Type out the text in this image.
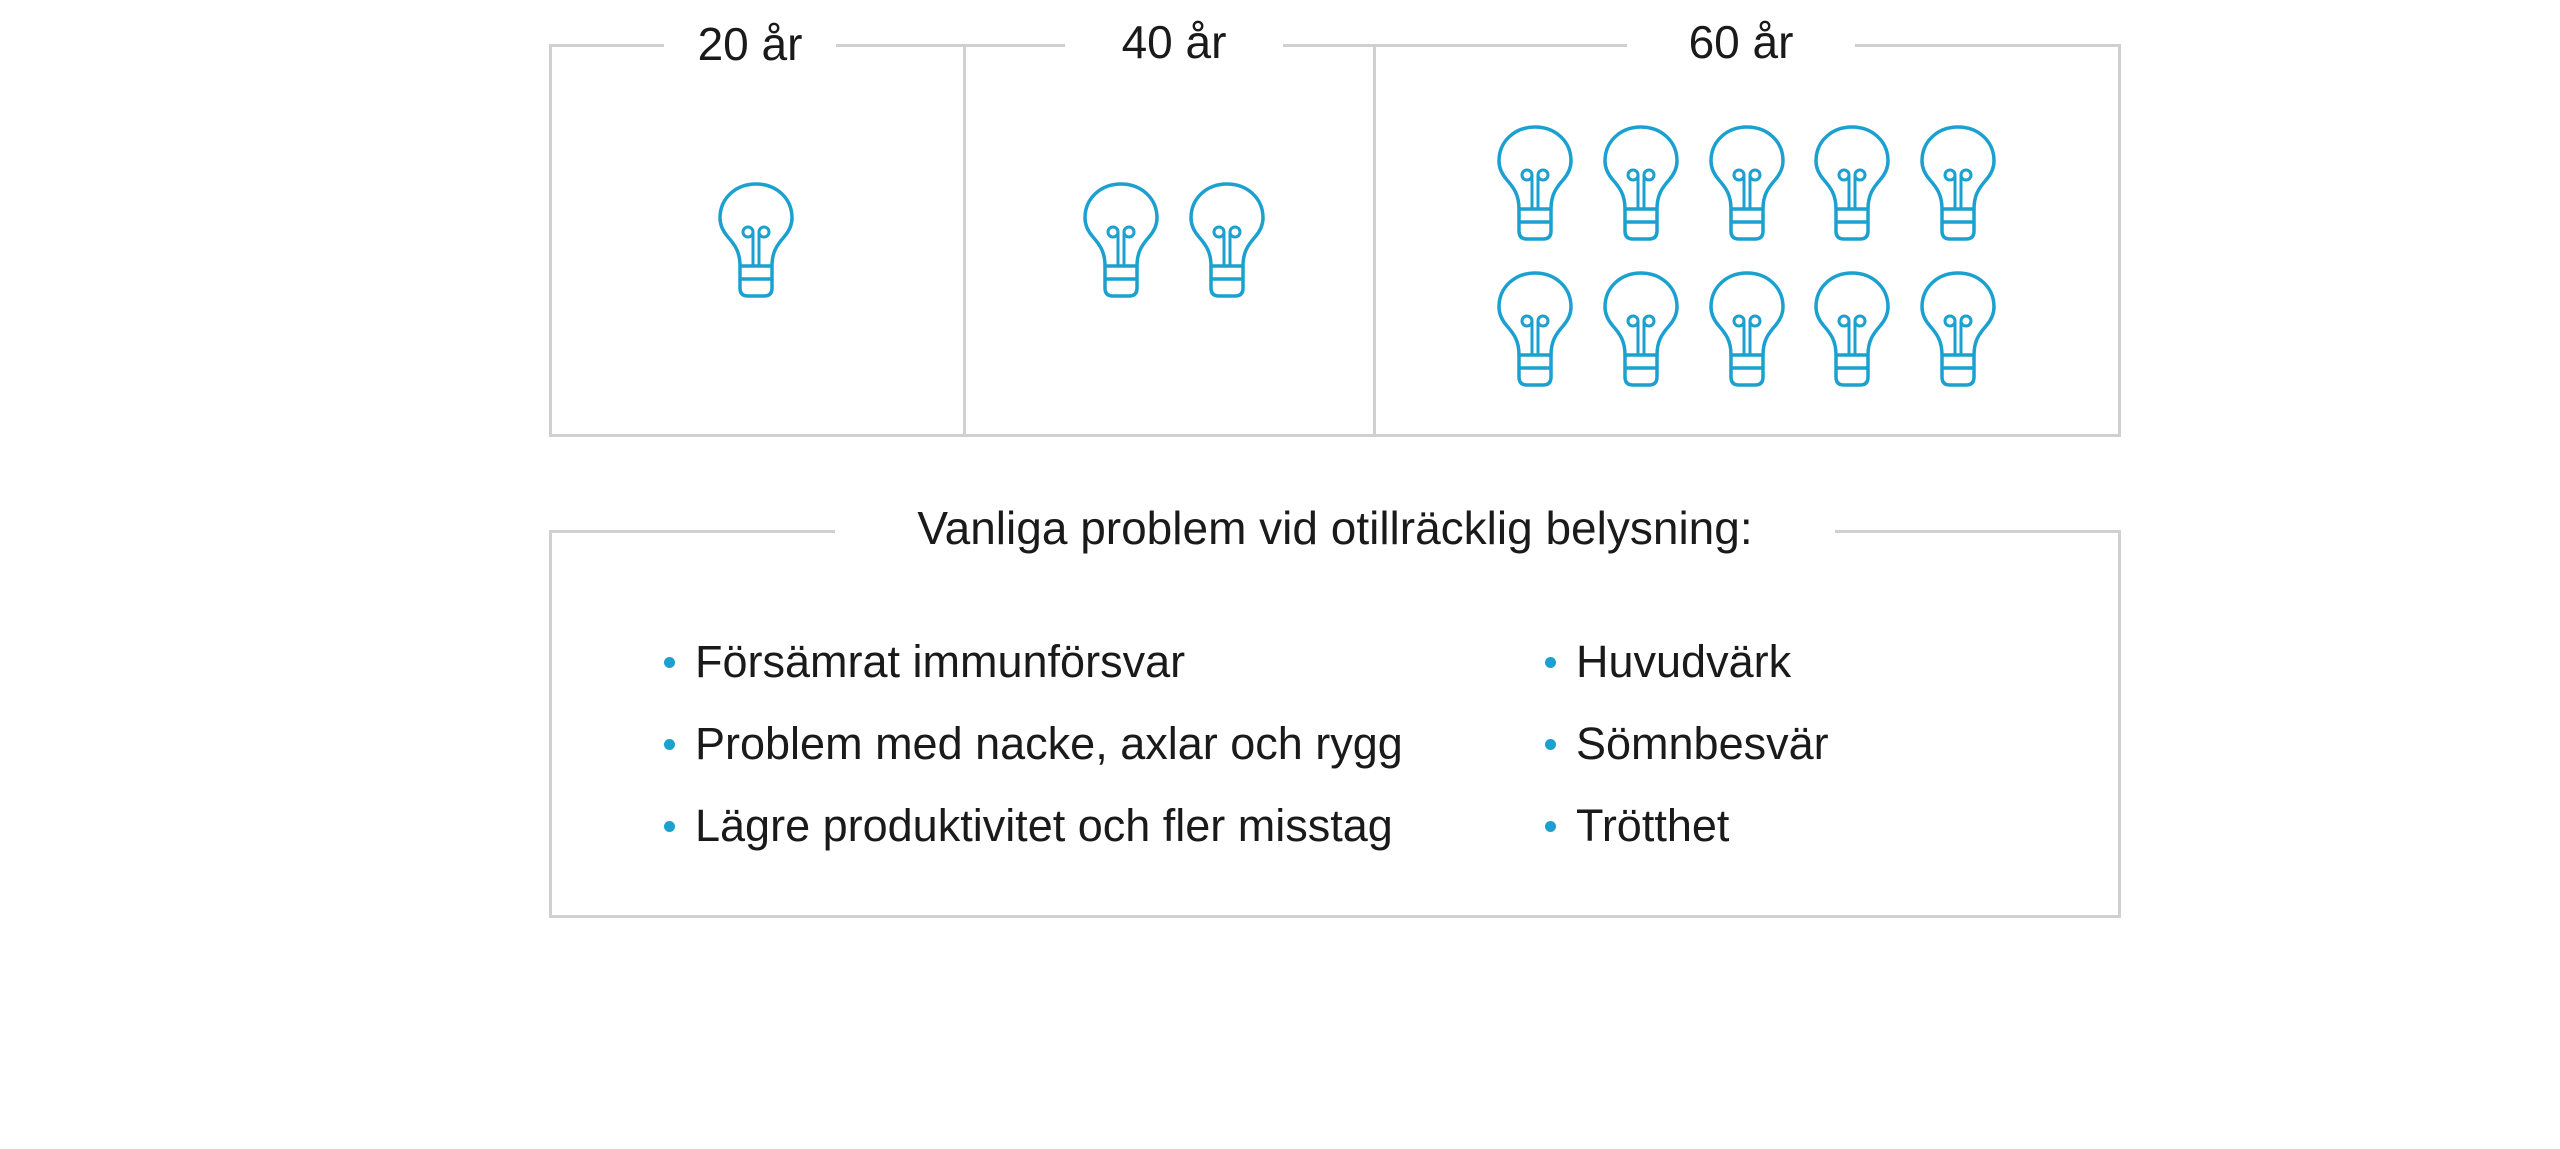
20 år	40 år	60 år
Vanliga problem vid otillräcklig belysning:
Försämrat immunförsvar
Problem med nacke, axlar och rygg
Lägre produktivitet och fler misstag
Huvudvärk
Sömnbesvär
Trötthet
